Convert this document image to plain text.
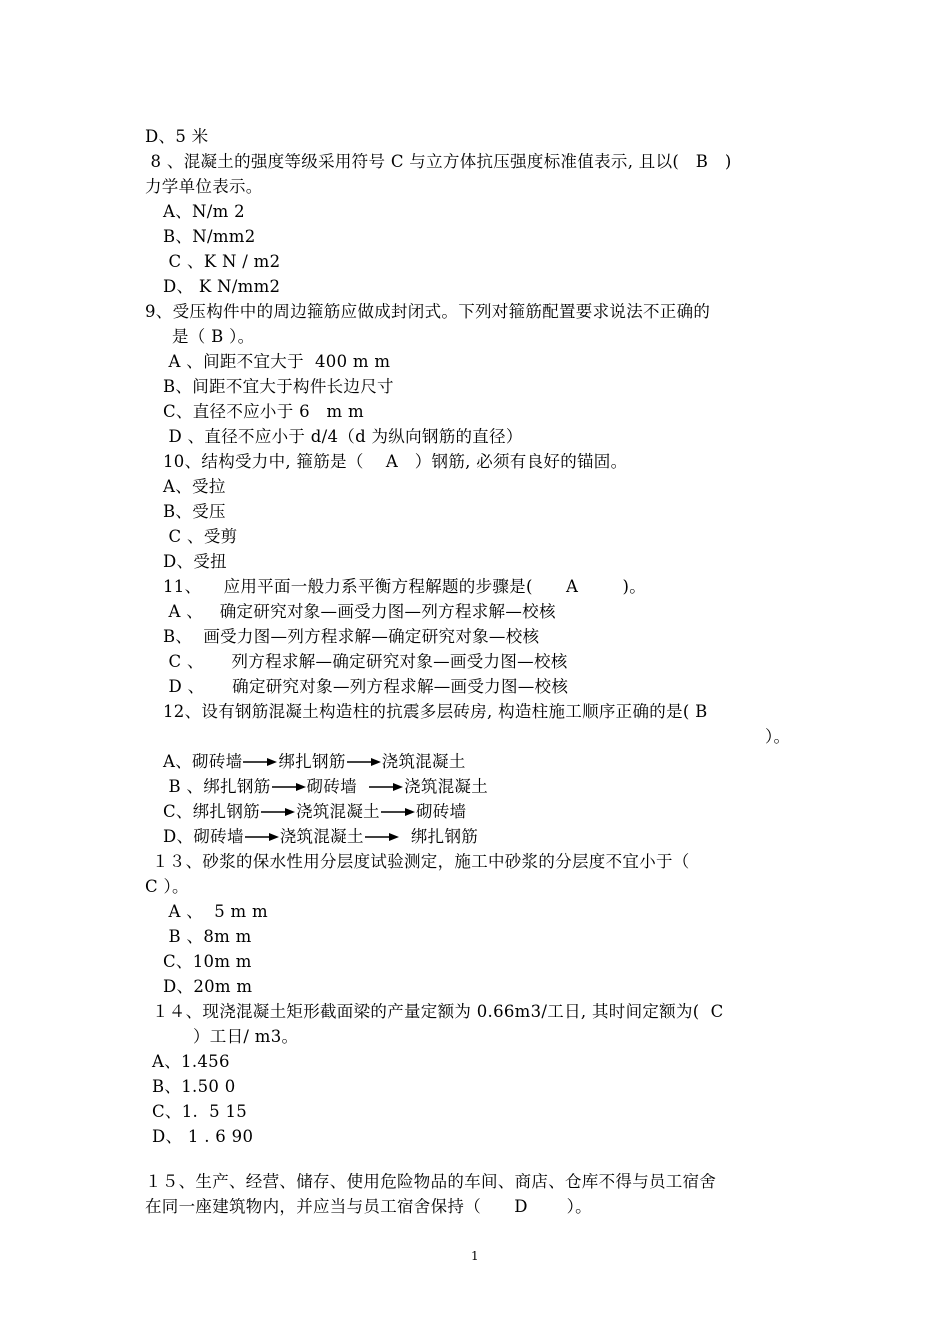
D、5 米
8 、混凝土的强度等级采用符号 C 与立方体抗压强度标准值表示, 且以(   B   )
力学单位表示。
A、N/m 2
B、N/mm2
C 、K N / m2
D、 K N/mm2
9、受压构件中的周边箍筋应做成封闭式。下列对箍筋配置要求说法不正确的
是（ B ）。
A 、间距不宜大于  400 m m
B、间距不宜大于构件长边尺寸
C、直径不应小于 6   m m
D 、直径不应小于 d/4（d 为纵向钢筋的直径）
10、结构受力中, 箍筋是（    A   ）钢筋, 必须有良好的锚固。
A、受拉
B、受压
C 、受剪
D、受扭
11、    应用平面一般力系平衡方程解题的步骤是(      A        )。
A 、   确定研究对象—画受力图—列方程求解—校核
B、  画受力图—列方程求解—确定研究对象—校核
C 、     列方程求解—确定研究对象—画受力图—校核
D 、     确定研究对象—列方程求解—画受力图—校核
12、设有钢筋混凝土构造柱的抗震多层砖房, 构造柱施工顺序正确的是( B
）。
A、 砌砖墙 绑扎钢筋 浇筑混凝土
B 、 绑扎钢筋 砌砖墙 浇筑混凝土
C、 绑扎钢筋 浇筑混凝土 砌砖墙
D、 砌砖墙 浇筑混凝土 绑扎钢筋
１３、砂浆的保水性用分层度试验测定，施工中砂浆的分层度不宜小于（
C ）。
A 、  5 m m
B 、8m m
C、10m m
D、20m m
１４、现浇混凝土矩形截面梁的产量定额为 0.66m3/工日, 其时间定额为(  C
）工日/ m3。
A、1.456
B、1.50 0
C、1.  5 15
D、 1 . 6 90
１５、生产、经营、储存、使用危险物品的车间、商店、仓库不得与员工宿舍
在同一座建筑物内，并应当与员工宿舍保持（      D       ）。
1
